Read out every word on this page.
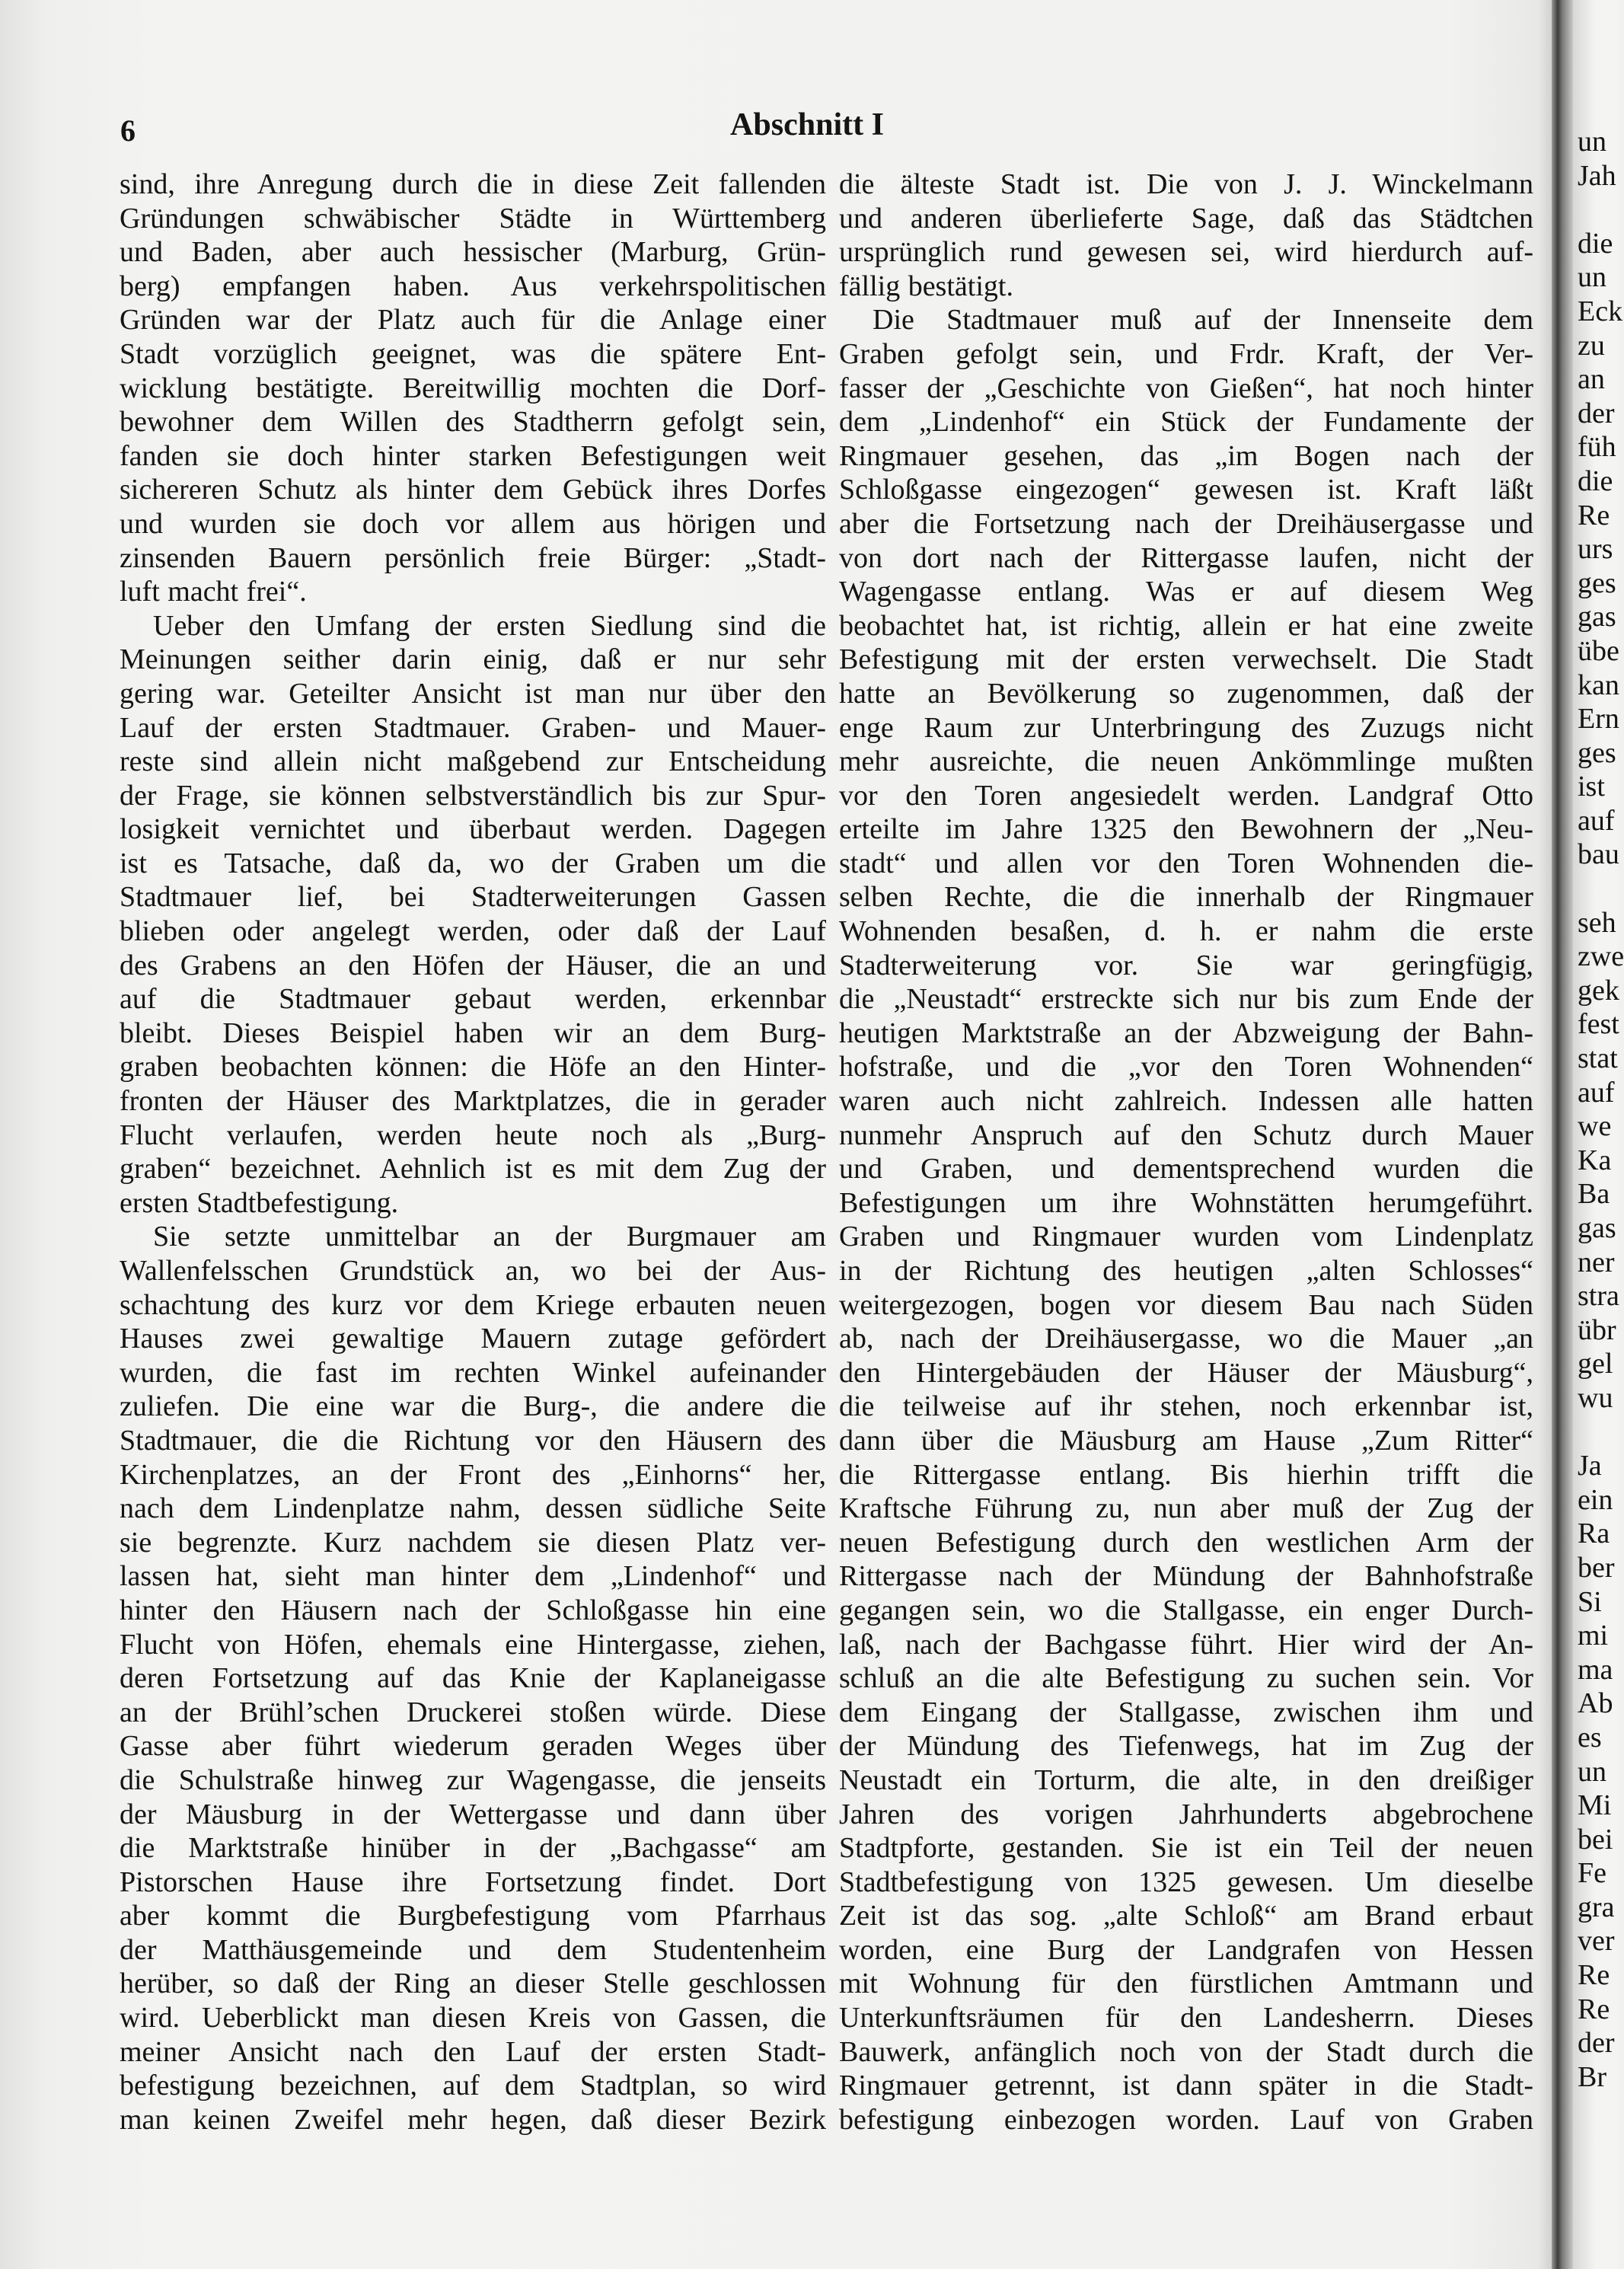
un
Jah
die
un
Eck
zu
an
der
füh
die
Re
urs
ges
gas
übe
kan
Ern
ges
ist
auf
bau
seh
zwe
gek
fest
stat
auf
we
Ka
Ba
gas
ner
stra
übr
gel
wu
Ja
ein
Ra
ber
Si
mi
ma
Ab
es
un
Mi
bei
Fe
gra
ver
Re
Re
der
Br
6	Abschnitt I
sind, ihre Anregung durch die in diese Zeit fallenden
Gründungen schwäbischer Städte in Württemberg
und Baden, aber auch hessischer (Marburg, Grün-
berg) empfangen haben. Aus verkehrspolitischen
Gründen war der Platz auch für die Anlage einer
Stadt vorzüglich geeignet, was die spätere Ent-
wicklung bestätigte. Bereitwillig mochten die Dorf-
bewohner dem Willen des Stadtherrn gefolgt sein,
fanden sie doch hinter starken Befestigungen weit
sichereren Schutz als hinter dem Gebück ihres Dorfes
und wurden sie doch vor allem aus hörigen und
zinsenden Bauern persönlich freie Bürger: „Stadt-
luft macht frei“.
Ueber den Umfang der ersten Siedlung sind die
Meinungen seither darin einig, daß er nur sehr
gering war. Geteilter Ansicht ist man nur über den
Lauf der ersten Stadtmauer. Graben- und Mauer-
reste sind allein nicht maßgebend zur Entscheidung
der Frage, sie können selbstverständlich bis zur Spur-
losigkeit vernichtet und überbaut werden. Dagegen
ist es Tatsache, daß da, wo der Graben um die
Stadtmauer lief, bei Stadterweiterungen Gassen
blieben oder angelegt werden, oder daß der Lauf
des Grabens an den Höfen der Häuser, die an und
auf die Stadtmauer gebaut werden, erkennbar
bleibt. Dieses Beispiel haben wir an dem Burg-
graben beobachten können: die Höfe an den Hinter-
fronten der Häuser des Marktplatzes, die in gerader
Flucht verlaufen, werden heute noch als „Burg-
graben“ bezeichnet. Aehnlich ist es mit dem Zug der
ersten Stadtbefestigung.
Sie setzte unmittelbar an der Burgmauer am
Wallenfelsschen Grundstück an, wo bei der Aus-
schachtung des kurz vor dem Kriege erbauten neuen
Hauses zwei gewaltige Mauern zutage gefördert
wurden, die fast im rechten Winkel aufeinander
zuliefen. Die eine war die Burg-, die andere die
Stadtmauer, die die Richtung vor den Häusern des
Kirchenplatzes, an der Front des „Einhorns“ her,
nach dem Lindenplatze nahm, dessen südliche Seite
sie begrenzte. Kurz nachdem sie diesen Platz ver-
lassen hat, sieht man hinter dem „Lindenhof“ und
hinter den Häusern nach der Schloßgasse hin eine
Flucht von Höfen, ehemals eine Hintergasse, ziehen,
deren Fortsetzung auf das Knie der Kaplaneigasse
an der Brühl’schen Druckerei stoßen würde. Diese
Gasse aber führt wiederum geraden Weges über
die Schulstraße hinweg zur Wagengasse, die jenseits
der Mäusburg in der Wettergasse und dann über
die Marktstraße hinüber in der „Bachgasse“ am
Pistorschen Hause ihre Fortsetzung findet. Dort
aber kommt die Burgbefestigung vom Pfarrhaus
der Matthäusgemeinde und dem Studentenheim
herüber, so daß der Ring an dieser Stelle geschlossen
wird. Ueberblickt man diesen Kreis von Gassen, die
meiner Ansicht nach den Lauf der ersten Stadt-
befestigung bezeichnen, auf dem Stadtplan, so wird
man keinen Zweifel mehr hegen, daß dieser Bezirk
die älteste Stadt ist. Die von J. J. Winckelmann
und anderen überlieferte Sage, daß das Städtchen
ursprünglich rund gewesen sei, wird hierdurch auf-
fällig bestätigt.
Die Stadtmauer muß auf der Innenseite dem
Graben gefolgt sein, und Frdr. Kraft, der Ver-
fasser der „Geschichte von Gießen“, hat noch hinter
dem „Lindenhof“ ein Stück der Fundamente der
Ringmauer gesehen, das „im Bogen nach der
Schloßgasse eingezogen“ gewesen ist. Kraft läßt
aber die Fortsetzung nach der Dreihäusergasse und
von dort nach der Rittergasse laufen, nicht der
Wagengasse entlang. Was er auf diesem Weg
beobachtet hat, ist richtig, allein er hat eine zweite
Befestigung mit der ersten verwechselt. Die Stadt
hatte an Bevölkerung so zugenommen, daß der
enge Raum zur Unterbringung des Zuzugs nicht
mehr ausreichte, die neuen Ankömmlinge mußten
vor den Toren angesiedelt werden. Landgraf Otto
erteilte im Jahre 1325 den Bewohnern der „Neu-
stadt“ und allen vor den Toren Wohnenden die-
selben Rechte, die die innerhalb der Ringmauer
Wohnenden besaßen, d. h. er nahm die erste
Stadterweiterung vor. Sie war geringfügig,
die „Neustadt“ erstreckte sich nur bis zum Ende der
heutigen Marktstraße an der Abzweigung der Bahn-
hofstraße, und die „vor den Toren Wohnenden“
waren auch nicht zahlreich. Indessen alle hatten
nunmehr Anspruch auf den Schutz durch Mauer
und Graben, und dementsprechend wurden die
Befestigungen um ihre Wohnstätten herumgeführt.
Graben und Ringmauer wurden vom Lindenplatz
in der Richtung des heutigen „alten Schlosses“
weitergezogen, bogen vor diesem Bau nach Süden
ab, nach der Dreihäusergasse, wo die Mauer „an
den Hintergebäuden der Häuser der Mäusburg“,
die teilweise auf ihr stehen, noch erkennbar ist,
dann über die Mäusburg am Hause „Zum Ritter“
die Rittergasse entlang. Bis hierhin trifft die
Kraftsche Führung zu, nun aber muß der Zug der
neuen Befestigung durch den westlichen Arm der
Rittergasse nach der Mündung der Bahnhofstraße
gegangen sein, wo die Stallgasse, ein enger Durch-
laß, nach der Bachgasse führt. Hier wird der An-
schluß an die alte Befestigung zu suchen sein. Vor
dem Eingang der Stallgasse, zwischen ihm und
der Mündung des Tiefenwegs, hat im Zug der
Neustadt ein Torturm, die alte, in den dreißiger
Jahren des vorigen Jahrhunderts abgebrochene
Stadtpforte, gestanden. Sie ist ein Teil der neuen
Stadtbefestigung von 1325 gewesen. Um dieselbe
Zeit ist das sog. „alte Schloß“ am Brand erbaut
worden, eine Burg der Landgrafen von Hessen
mit Wohnung für den fürstlichen Amtmann und
Unterkunftsräumen für den Landesherrn. Dieses
Bauwerk, anfänglich noch von der Stadt durch die
Ringmauer getrennt, ist dann später in die Stadt-
befestigung einbezogen worden. Lauf von Graben
